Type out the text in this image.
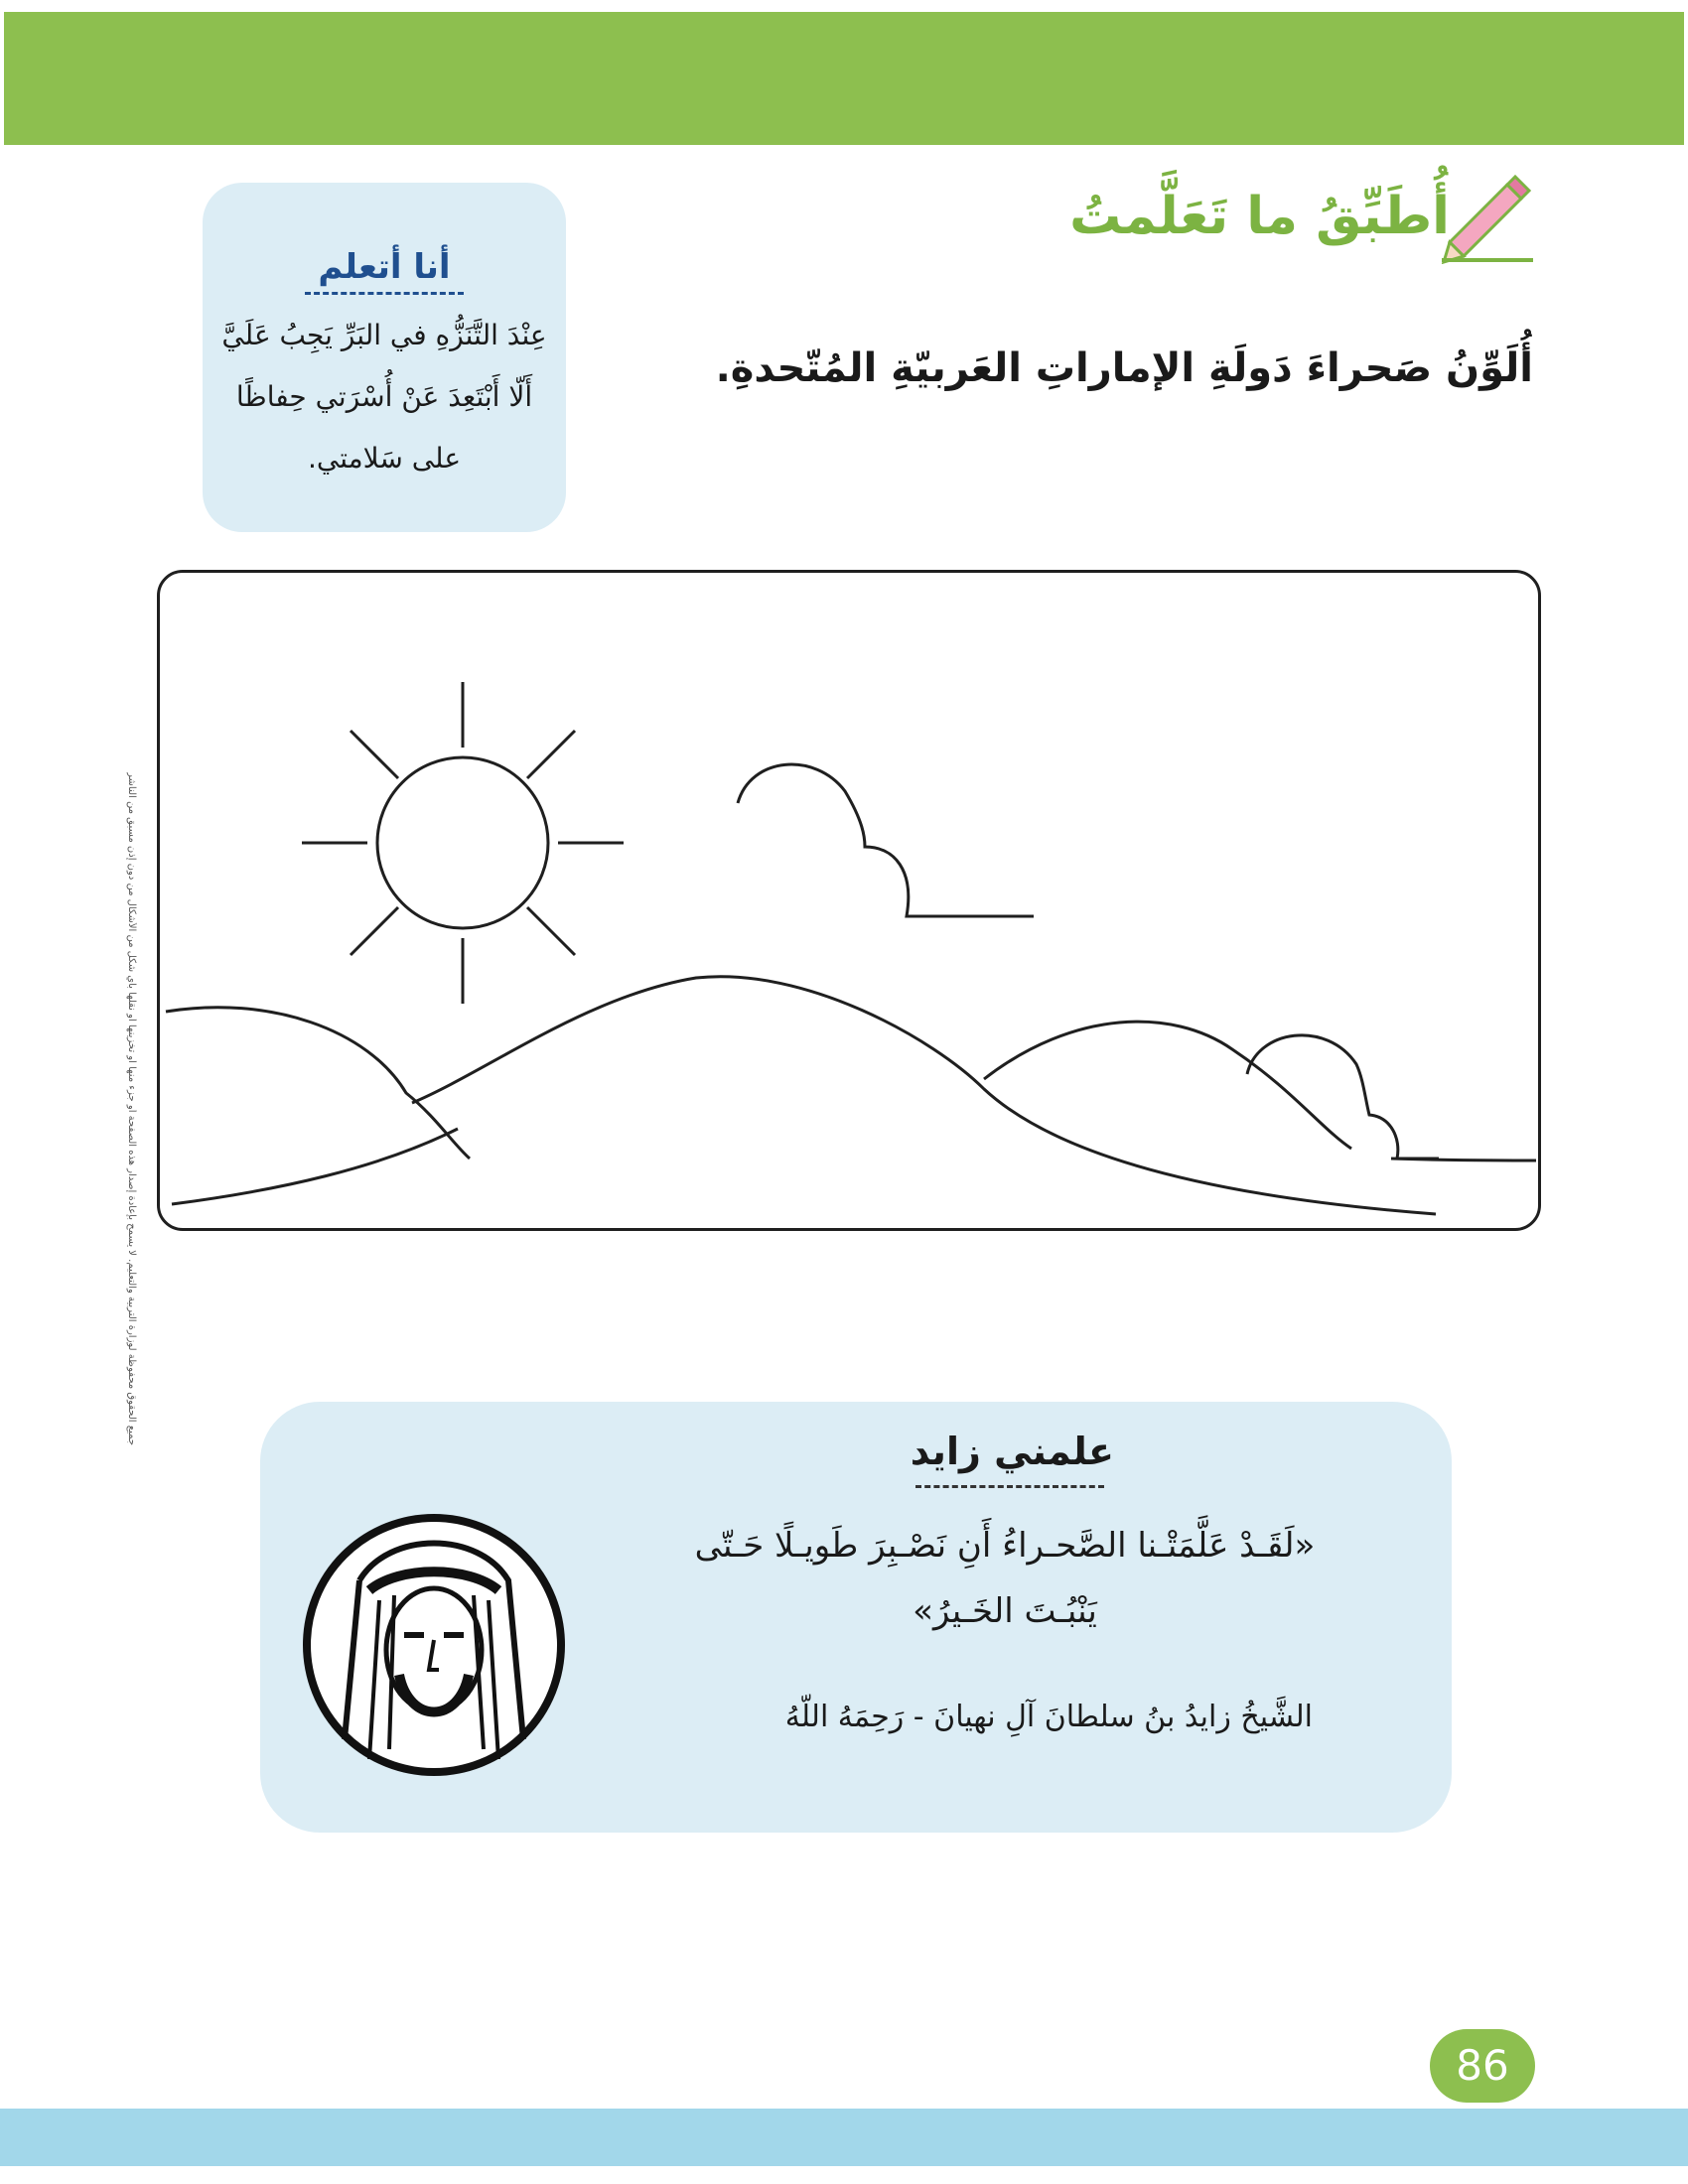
أُطَبِّقُ ما تَعَلَّمتُ
أُلَوِّنُ صَحراءَ دَولَةِ الإماراتِ العَربيّةِ المُتّحدةِ.
أنا أتعلم
عِنْدَ التَّنَزُّهِ في البَرِّ يَجِبُ عَلَيَّ أَلّا أَبْتَعِدَ عَنْ أُسْرَتي حِفاظًا على سَلامتي.
علمني زايد
«لَقَـدْ عَلَّمَتْـنا الصَّحـراءُ أَنِ نَصْـبِرَ طَويـلًا حَـتّى يَنْبُـتَ الخَـيرُ»
الشَّيخُ زايدُ بنُ سلطانَ آلِ نهيانَ - رَحِمَهُ اللّهُ
جميع الحقوق محفوظة لوزارة التربية والتعليم. لا يسمح بإعادة إصدار هذه الصفحة أو جزء منها أو تخزينها أو نقلها بأي شكل من الأشكال من دون إذن مسبق من الناشر
86
